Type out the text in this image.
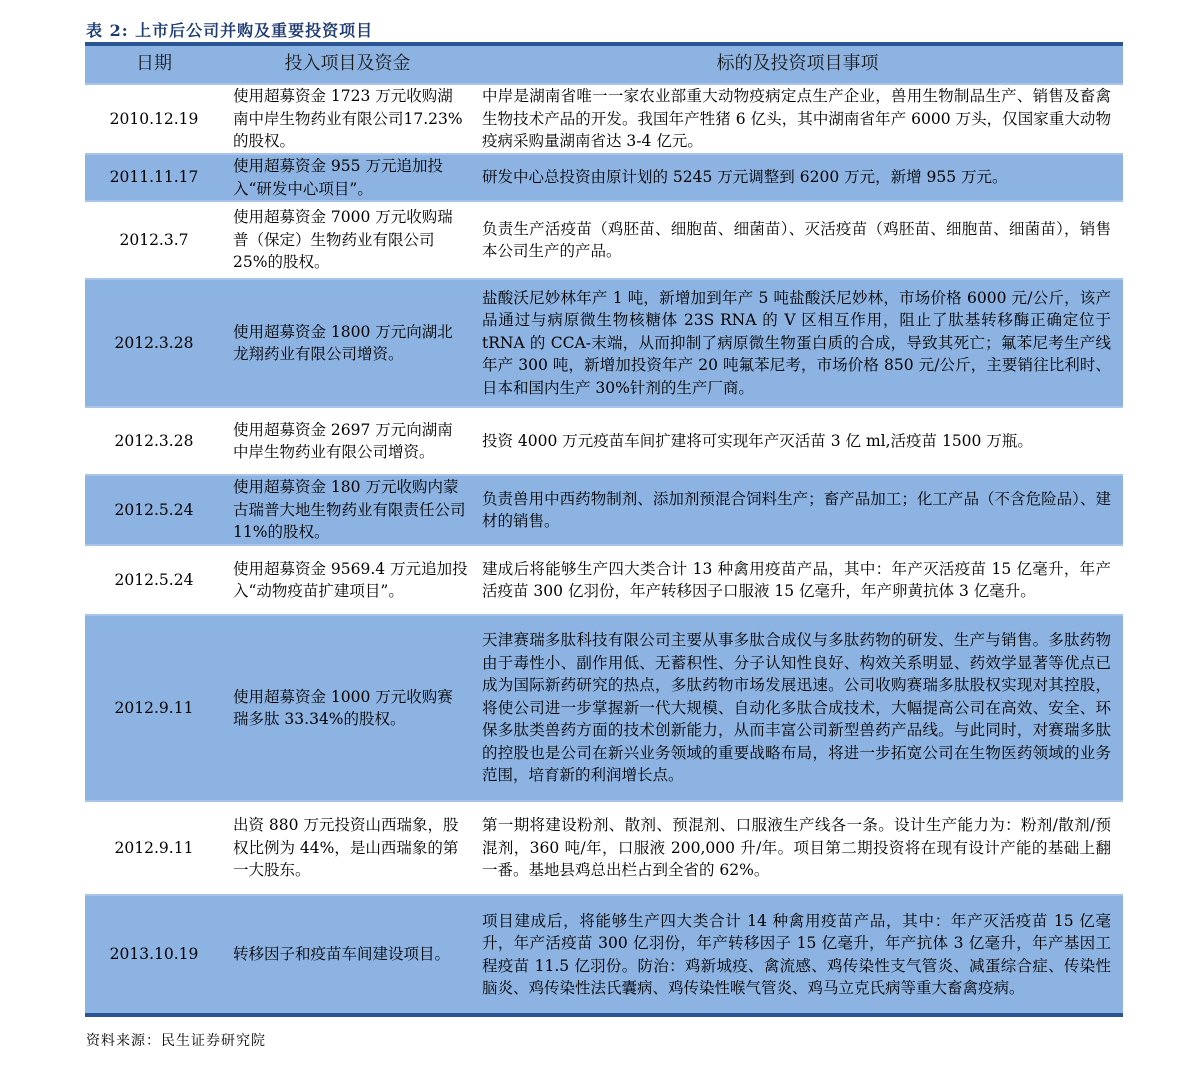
表 2: 上市后公司并购及重要投资项目
日期	投入项目及资金	标的及投资项目事项
2010.12.19	使用超募资金 1723 万元收购湖南中岸生物药业有限公司17.23%的股权。	中岸是湖南省唯一一家农业部重大动物疫病定点生产企业，兽用生物制品生产、销售及畜禽生物技术产品的开发。我国年产牲猪 6 亿头，其中湖南省年产 6000 万头，仅国家重大动物疫病采购量湖南省达 3-4 亿元。
2011.11.17	使用超募资金 955 万元追加投入“研发中心项目”。	研发中心总投资由原计划的 5245 万元调整到 6200 万元，新增 955 万元。
2012.3.7	使用超募资金 7000 万元收购瑞普（保定）生物药业有限公司 25%的股权。	负责生产活疫苗（鸡胚苗、细胞苗、细菌苗）、灭活疫苗（鸡胚苗、细胞苗、细菌苗），销售本公司生产的产品。
2012.3.28	使用超募资金 1800 万元向湖北龙翔药业有限公司增资。	盐酸沃尼妙林年产 1 吨，新增加到年产 5 吨盐酸沃尼妙林，市场价格 6000 元/公斤，该产品通过与病原微生物核糖体 23S RNA 的 V 区相互作用，阻止了肽基转移酶正确定位于 tRNA 的 CCA-末端，从而抑制了病原微生物蛋白质的合成，导致其死亡；氟苯尼考生产线年产 300 吨，新增加投资年产 20 吨氟苯尼考，市场价格 850 元/公斤，主要销往比利时、日本和国内生产 30%针剂的生产厂商。
2012.3.28	使用超募资金 2697 万元向湖南中岸生物药业有限公司增资。	投资 4000 万元疫苗车间扩建将可实现年产灭活苗 3 亿 ml,活疫苗 1500 万瓶。
2012.5.24	使用超募资金 180 万元收购内蒙古瑞普大地生物药业有限责任公司 11%的股权。	负责兽用中西药物制剂、添加剂预混合饲料生产；畜产品加工；化工产品（不含危险品）、建材的销售。
2012.5.24	使用超募资金 9569.4 万元追加投入“动物疫苗扩建项目”。	建成后将能够生产四大类合计 13 种禽用疫苗产品，其中：年产灭活疫苗 15 亿毫升，年产活疫苗 300 亿羽份，年产转移因子口服液 15 亿毫升，年产卵黄抗体 3 亿毫升。
2012.9.11	使用超募资金 1000 万元收购赛瑞多肽 33.34%的股权。	天津赛瑞多肽科技有限公司主要从事多肽合成仪与多肽药物的研发、生产与销售。多肽药物由于毒性小、副作用低、无蓄积性、分子认知性良好、构效关系明显、药效学显著等优点已成为国际新药研究的热点，多肽药物市场发展迅速。公司收购赛瑞多肽股权实现对其控股，将使公司进一步掌握新一代大规模、自动化多肽合成技术，大幅提高公司在高效、安全、环保多肽类兽药方面的技术创新能力，从而丰富公司新型兽药产品线。与此同时，对赛瑞多肽的控股也是公司在新兴业务领域的重要战略布局，将进一步拓宽公司在生物医药领域的业务范围，培育新的利润增长点。
2012.9.11	出资 880 万元投资山西瑞象，股权比例为 44%，是山西瑞象的第一大股东。	第一期将建设粉剂、散剂、预混剂、口服液生产线各一条。设计生产能力为：粉剂/散剂/预混剂，360 吨/年，口服液 200,000 升/年。项目第二期投资将在现有设计产能的基础上翻一番。基地县鸡总出栏占到全省的 62%。
2013.10.19	转移因子和疫苗车间建设项目。	项目建成后，将能够生产四大类合计 14 种禽用疫苗产品，其中：年产灭活疫苗 15 亿毫升，年产活疫苗 300 亿羽份，年产转移因子 15 亿毫升，年产抗体 3 亿毫升，年产基因工程疫苗 11.5 亿羽份。防治：鸡新城疫、禽流感、鸡传染性支气管炎、减蛋综合症、传染性脑炎、鸡传染性法氏囊病、鸡传染性喉气管炎、鸡马立克氏病等重大畜禽疫病。
资料来源：民生证券研究院
